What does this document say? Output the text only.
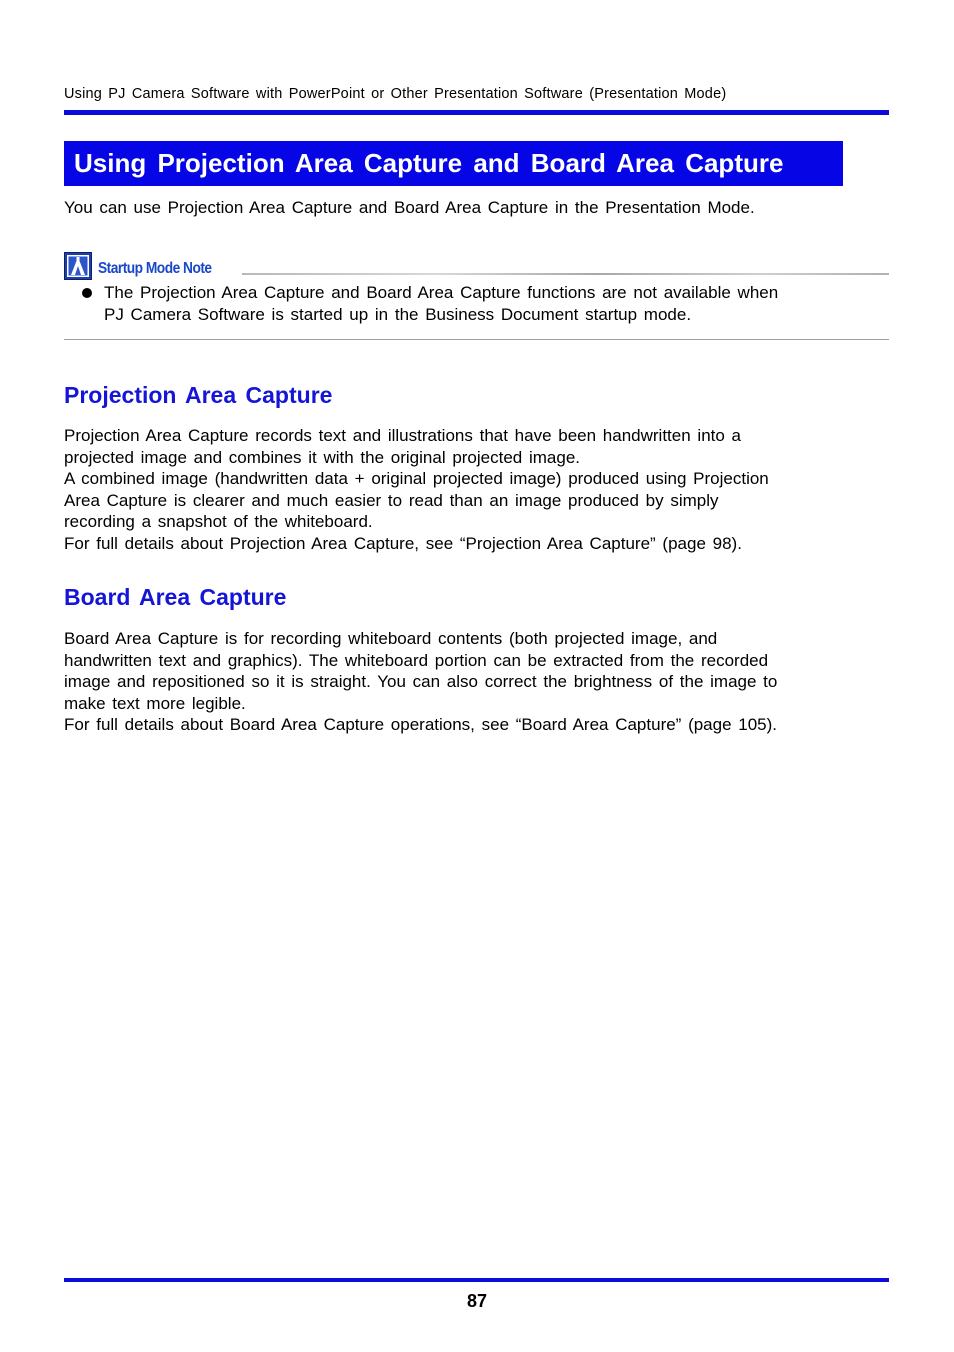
Using PJ Camera Software with PowerPoint or Other Presentation Software (Presentation Mode)
Using Projection Area Capture and Board Area Capture

You can use Projection Area Capture and Board Area Capture in the Presentation Mode.

Startup Mode Note
The Projection Area Capture and Board Area Capture functions are not available when
PJ Camera Software is started up in the Business Document startup mode.
Projection Area Capture
Projection Area Capture records text and illustrations that have been handwritten into a
projected image and combines it with the original projected image.
A combined image (handwritten data + original projected image) produced using Projection
Area Capture is clearer and much easier to read than an image produced by simply
recording a snapshot of the whiteboard.
For full details about Projection Area Capture, see “Projection Area Capture” (page 98).
Board Area Capture
Board Area Capture is for recording whiteboard contents (both projected image, and
handwritten text and graphics). The whiteboard portion can be extracted from the recorded
image and repositioned so it is straight. You can also correct the brightness of the image to
make text more legible.
For full details about Board Area Capture operations, see “Board Area Capture” (page 105).
87
